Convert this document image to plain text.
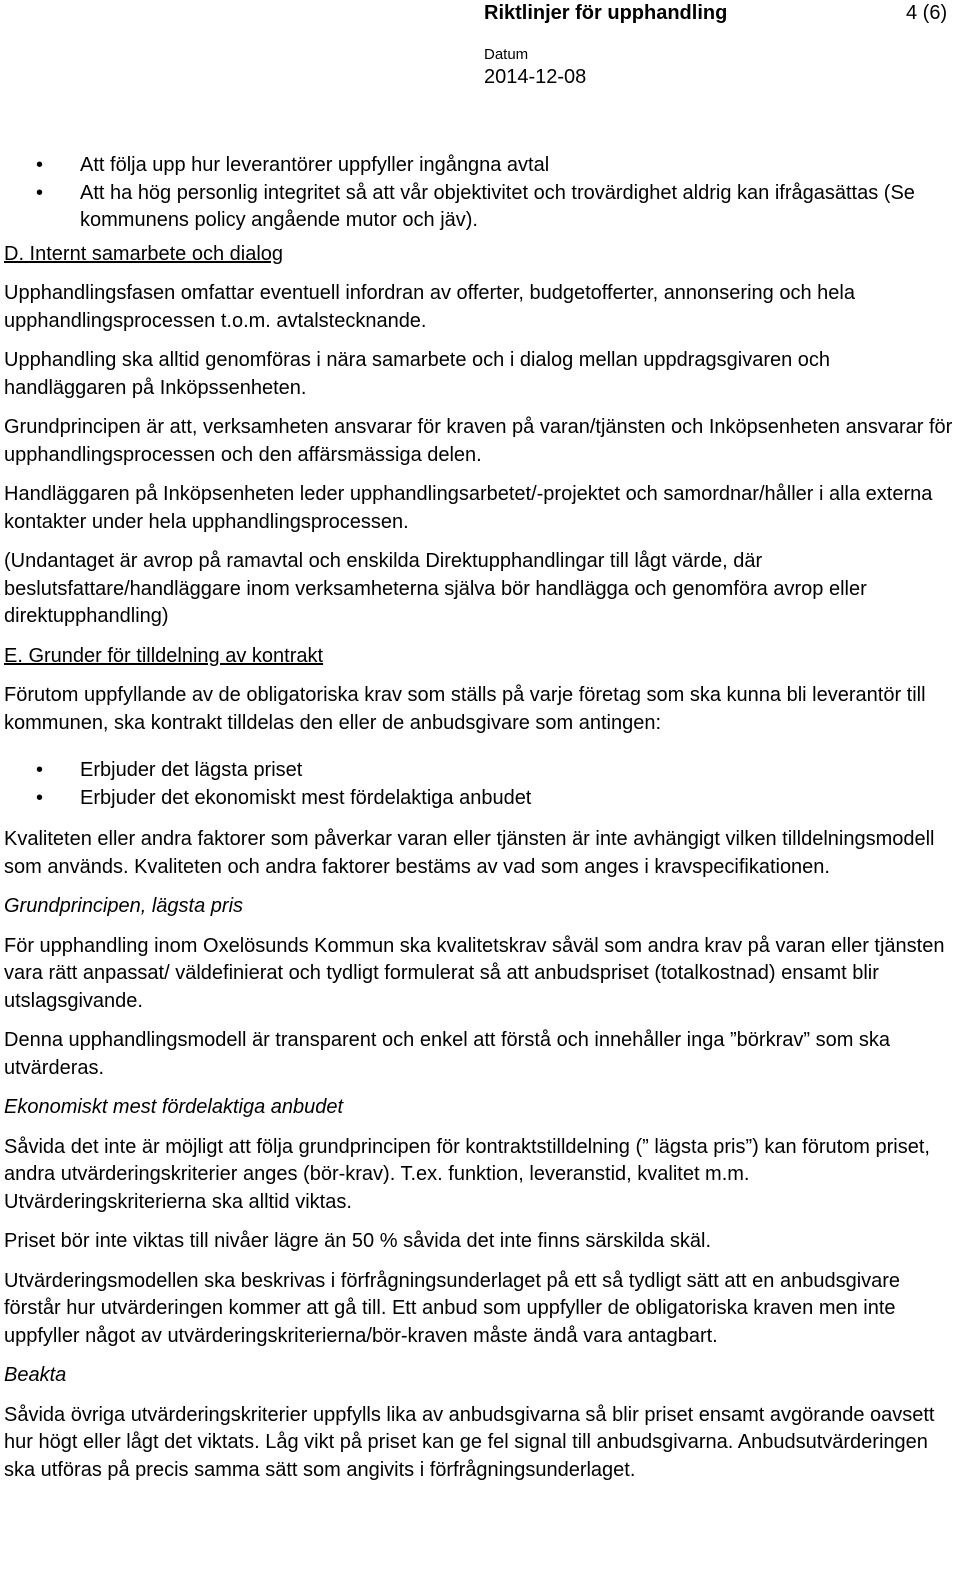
Riktlinjer för upphandling	4 (6)
Datum
2014-12-08
• Att följa upp hur leverantörer uppfyller ingångna avtal
• Att ha hög personlig integritet så att vår objektivitet och trovärdighet aldrig kan ifrågasättas (Se kommunens policy angående mutor och jäv).

D. Internt samarbete och dialog

Upphandlingsfasen omfattar eventuell infordran av offerter, budgetofferter, annonsering och hela upphandlingsprocessen t.o.m. avtalstecknande.

Upphandling ska alltid genomföras i nära samarbete och i dialog mellan uppdragsgivaren och handläggaren på Inköpssenheten.

Grundprincipen är att, verksamheten ansvarar för kraven på varan/tjänsten och Inköpsenheten ansvarar för upphandlingsprocessen och den affärsmässiga delen.

Handläggaren på Inköpsenheten leder upphandlingsarbetet/-projektet och samordnar/håller i alla externa kontakter under hela upphandlingsprocessen.

(Undantaget är avrop på ramavtal och enskilda Direktupphandlingar till lågt värde, där beslutsfattare/handläggare inom verksamheterna själva bör handlägga och genomföra avrop eller direktupphandling)

E. Grunder för tilldelning av kontrakt

Förutom uppfyllande av de obligatoriska krav som ställs på varje företag som ska kunna bli leverantör till kommunen, ska kontrakt tilldelas den eller de anbudsgivare som antingen:

• Erbjuder det lägsta priset
• Erbjuder det ekonomiskt mest fördelaktiga anbudet

Kvaliteten eller andra faktorer som påverkar varan eller tjänsten är inte avhängigt vilken tilldelningsmodell som används. Kvaliteten och andra faktorer bestäms av vad som anges i kravspecifikationen.

Grundprincipen, lägsta pris

För upphandling inom Oxelösunds Kommun ska kvalitetskrav såväl som andra krav på varan eller tjänsten vara rätt anpassat/ väldefinierat och tydligt formulerat så att anbudspriset (totalkostnad) ensamt blir utslagsgivande.

Denna upphandlingsmodell är transparent och enkel att förstå och innehåller inga ”börkrav” som ska utvärderas.

Ekonomiskt mest fördelaktiga anbudet

Såvida det inte är möjligt att följa grundprincipen för kontraktstilldelning (” lägsta pris”) kan förutom priset, andra utvärderingskriterier anges (bör-krav). T.ex. funktion, leveranstid, kvalitet m.m. Utvärderingskriterierna ska alltid viktas.

Priset bör inte viktas till nivåer lägre än 50 % såvida det inte finns särskilda skäl.

Utvärderingsmodellen ska beskrivas i förfrågningsunderlaget på ett så tydligt sätt att en anbudsgivare förstår hur utvärderingen kommer att gå till. Ett anbud som uppfyller de obligatoriska kraven men inte uppfyller något av utvärderingskriterierna/bör-kraven måste ändå vara antagbart.

Beakta

Såvida övriga utvärderingskriterier uppfylls lika av anbudsgivarna så blir priset ensamt avgörande oavsett hur högt eller lågt det viktats. Låg vikt på priset kan ge fel signal till anbudsgivarna. Anbudsutvärderingen ska utföras på precis samma sätt som angivits i förfrågningsunderlaget.
